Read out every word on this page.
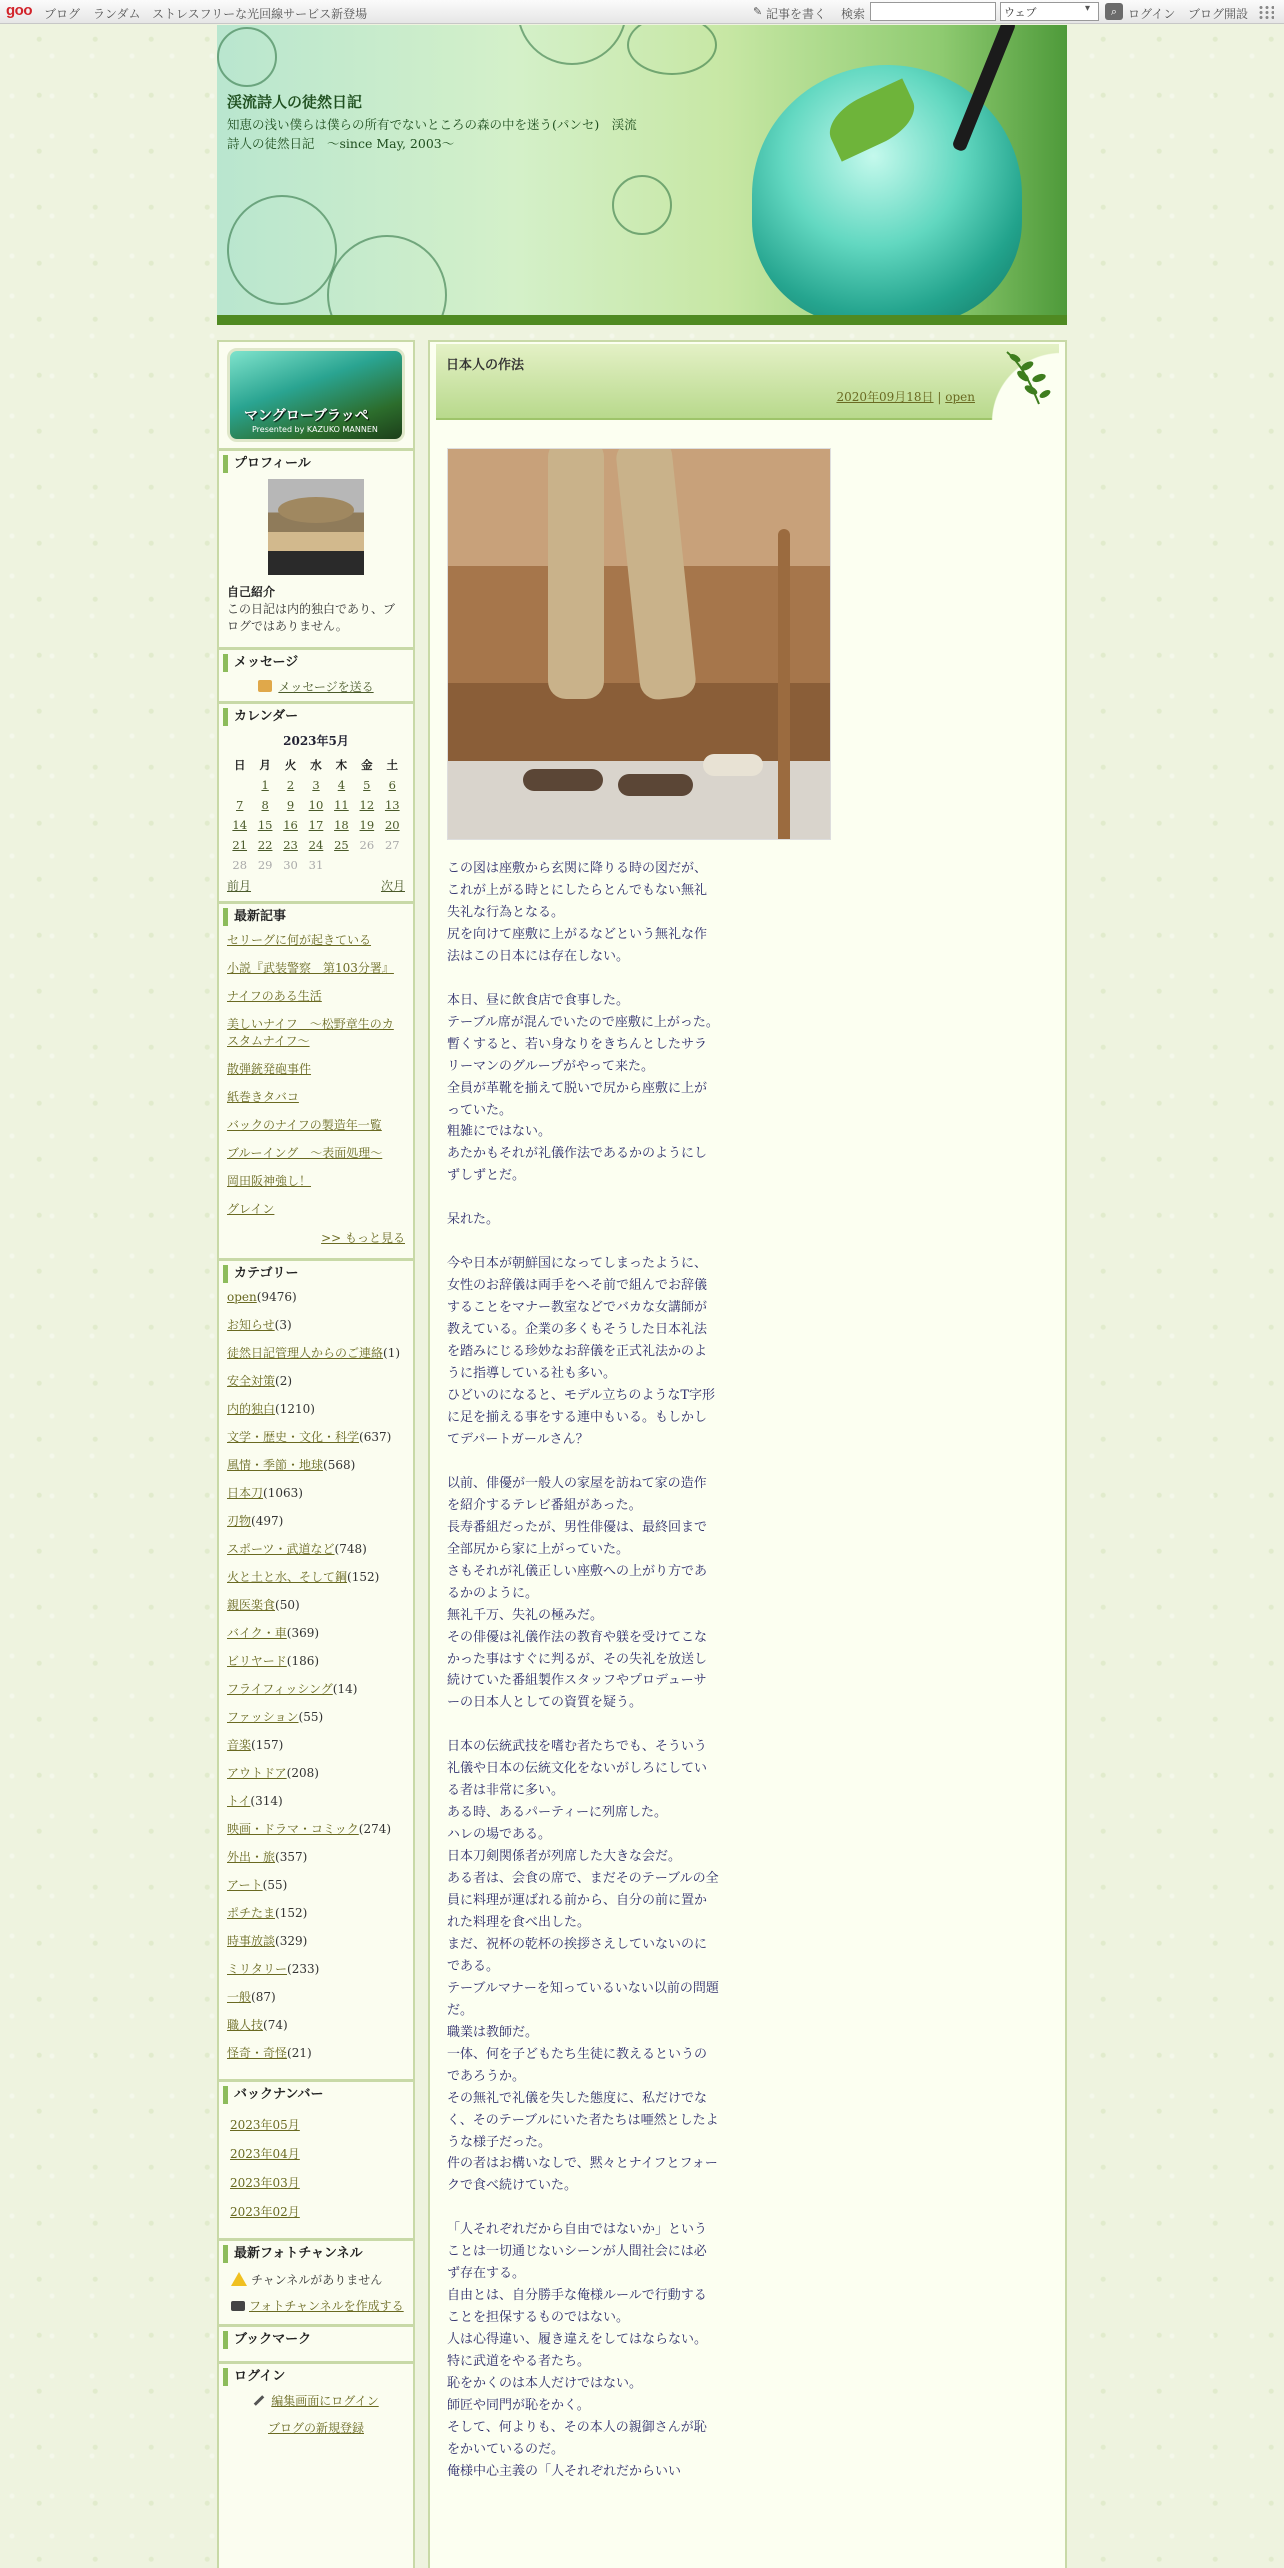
goo ブログ ランダム ストレスフリーな光回線サービス新登場	✎ 記事を書く 検索	ウェブ	▾	⌕ ログイン ブログ開設
渓流詩人の徒然日記
知恵の浅い僕らは僕らの所有でないところの森の中を迷う(パンセ)　渓流詩人の徒然日記　～since May, 2003～
マングローブラッペ
Presented by KAZUKO MANNEN
プロフィール
自己紹介
この日記は内的独白であり、ブログではありません。
メッセージ
メッセージを送る
カレンダー
2023年5月
日	月	火	水	木	金	土
	1	2	3	4	5	6
7	8	9	10	11	12	13
14	15	16	17	18	19	20
21	22	23	24	25	26	27
28	29	30	31			
前月	次月
最新記事
セリーグに何が起きている
小説『武装警察　第103分署』
ナイフのある生活
美しいナイフ　〜松野章生のカスタムナイフ〜
散弾銃発砲事件
紙巻きタバコ
バックのナイフの製造年一覧
ブルーイング　〜表面処理〜
岡田阪神強し！
グレイン
>> もっと見る
カテゴリー
open(9476)
お知らせ(3)
徒然日記管理人からのご連絡(1)
安全対策(2)
内的独白(1210)
文学・歴史・文化・科学(637)
風情・季節・地球(568)
日本刀(1063)
刃物(497)
スポーツ・武道など(748)
火と土と水、そして鋼(152)
親医楽食(50)
バイク・車(369)
ビリヤード(186)
フライフィッシング(14)
ファッション(55)
音楽(157)
アウトドア(208)
トイ(314)
映画・ドラマ・コミック(274)
外出・旅(357)
アート(55)
ポチたま(152)
時事放談(329)
ミリタリー(233)
一般(87)
職人技(74)
怪奇・奇怪(21)
バックナンバー
2023年05月
2023年04月
2023年03月
2023年02月
最新フォトチャンネル
チャンネルがありません
フォトチャンネルを作成する
ブックマーク
ログイン
編集画面にログイン
ブログの新規登録
日本人の作法
2020年09月18日 | open
この図は座敷から玄関に降りる時の図だが、これが上がる時とにしたらとんでもない無礼失礼な行為となる。
尻を向けて座敷に上がるなどという無礼な作法はこの日本には存在しない。
本日、昼に飲食店で食事した。
テーブル席が混んでいたので座敷に上がった。
暫くすると、若い身なりをきちんとしたサラリーマンのグループがやって来た。
全員が革靴を揃えて脱いで尻から座敷に上がっていた。
粗雑にではない。
あたかもそれが礼儀作法であるかのようにしずしずとだ。
呆れた。
今や日本が朝鮮国になってしまったように、女性のお辞儀は両手をへそ前で組んでお辞儀することをマナー教室などでバカな女講師が教えている。企業の多くもそうした日本礼法を踏みにじる珍妙なお辞儀を正式礼法かのように指導している社も多い。
ひどいのになると、モデル立ちのようなT字形に足を揃える事をする連中もいる。もしかしてデパートガールさん？
以前、俳優が一般人の家屋を訪ねて家の造作を紹介するテレビ番組があった。
長寿番組だったが、男性俳優は、最終回まで全部尻から家に上がっていた。
さもそれが礼儀正しい座敷への上がり方であるかのように。
無礼千万、失礼の極みだ。
その俳優は礼儀作法の教育や躾を受けてこなかった事はすぐに判るが、その失礼を放送し続けていた番組製作スタッフやプロデューサーの日本人としての資質を疑う。
日本の伝統武技を嗜む者たちでも、そういう礼儀や日本の伝統文化をないがしろにしている者は非常に多い。
ある時、あるパーティーに列席した。
ハレの場である。
日本刀剣関係者が列席した大きな会だ。
ある者は、会食の席で、まだそのテーブルの全員に料理が運ばれる前から、自分の前に置かれた料理を食べ出した。
まだ、祝杯の乾杯の挨拶さえしていないのにである。
テーブルマナーを知っているいない以前の問題だ。
職業は教師だ。
一体、何を子どもたち生徒に教えるというのであろうか。
その無礼で礼儀を失した態度に、私だけでなく、そのテーブルにいた者たちは唖然としたような様子だった。
件の者はお構いなしで、黙々とナイフとフォークで食べ続けていた。
「人それぞれだから自由ではないか」ということは一切通じないシーンが人間社会には必ず存在する。
自由とは、自分勝手な俺様ルールで行動することを担保するものではない。
人は心得違い、履き違えをしてはならない。
特に武道をやる者たち。
恥をかくのは本人だけではない。
師匠や同門が恥をかく。
そして、何よりも、その本人の親御さんが恥をかいているのだ。
俺様中心主義の「人それぞれだからいい
